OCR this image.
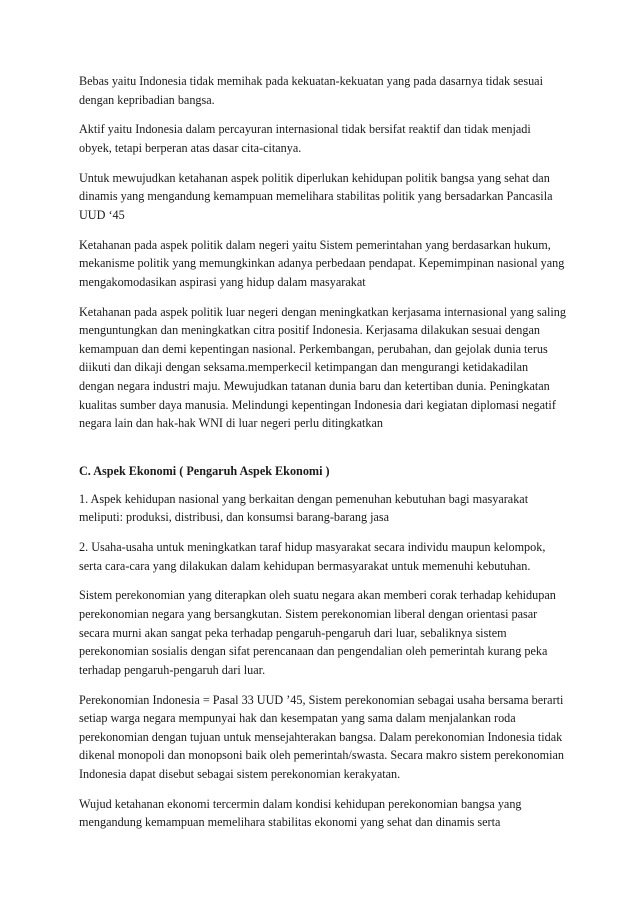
Bebas yaitu Indonesia tidak memihak pada kekuatan-kekuatan yang pada dasarnya tidak sesuai dengan kepribadian bangsa.

Aktif yaitu Indonesia dalam percayuran internasional tidak bersifat reaktif dan tidak menjadi obyek, tetapi berperan atas dasar cita-citanya.

Untuk mewujudkan ketahanan aspek politik diperlukan kehidupan politik bangsa yang sehat dan dinamis yang mengandung kemampuan memelihara stabilitas politik yang bersadarkan Pancasila UUD ‘45

Ketahanan pada aspek politik dalam negeri yaitu Sistem pemerintahan yang berdasarkan hukum, mekanisme politik yang memungkinkan adanya perbedaan pendapat. Kepemimpinan nasional yang mengakomodasikan aspirasi yang hidup dalam masyarakat

Ketahanan pada aspek politik luar negeri dengan meningkatkan kerjasama internasional yang saling menguntungkan dan meningkatkan citra positif Indonesia. Kerjasama dilakukan sesuai dengan kemampuan dan demi kepentingan nasional. Perkembangan, perubahan, dan gejolak dunia terus diikuti dan dikaji dengan seksama.memperkecil ketimpangan dan mengurangi ketidakadilan dengan negara industri maju. Mewujudkan tatanan dunia baru dan ketertiban dunia. Peningkatan kualitas sumber daya manusia. Melindungi kepentingan Indonesia dari kegiatan diplomasi negatif negara lain dan hak-hak WNI di luar negeri perlu ditingkatkan

C. Aspek Ekonomi ( Pengaruh Aspek Ekonomi )

1. Aspek kehidupan nasional yang berkaitan dengan pemenuhan kebutuhan bagi masyarakat meliputi: produksi, distribusi, dan konsumsi barang-barang jasa

2. Usaha-usaha untuk meningkatkan taraf hidup masyarakat secara individu maupun kelompok, serta cara-cara yang dilakukan dalam kehidupan bermasyarakat untuk memenuhi kebutuhan.

Sistem perekonomian yang diterapkan oleh suatu negara akan memberi corak terhadap kehidupan perekonomian negara yang bersangkutan. Sistem perekonomian liberal dengan orientasi pasar secara murni akan sangat peka terhadap pengaruh-pengaruh dari luar, sebaliknya sistem perekonomian sosialis dengan sifat perencanaan dan pengendalian oleh pemerintah kurang peka terhadap pengaruh-pengaruh dari luar.

Perekonomian Indonesia = Pasal 33 UUD ’45, Sistem perekonomian sebagai usaha bersama berarti setiap warga negara mempunyai hak dan kesempatan yang sama dalam menjalankan roda perekonomian dengan tujuan untuk mensejahterakan bangsa. Dalam perekonomian Indonesia tidak dikenal monopoli dan monopsoni baik oleh pemerintah/swasta. Secara makro sistem perekonomian Indonesia dapat disebut sebagai sistem perekonomian kerakyatan.

Wujud ketahanan ekonomi tercermin dalam kondisi kehidupan perekonomian bangsa yang mengandung kemampuan memelihara stabilitas ekonomi yang sehat dan dinamis serta
